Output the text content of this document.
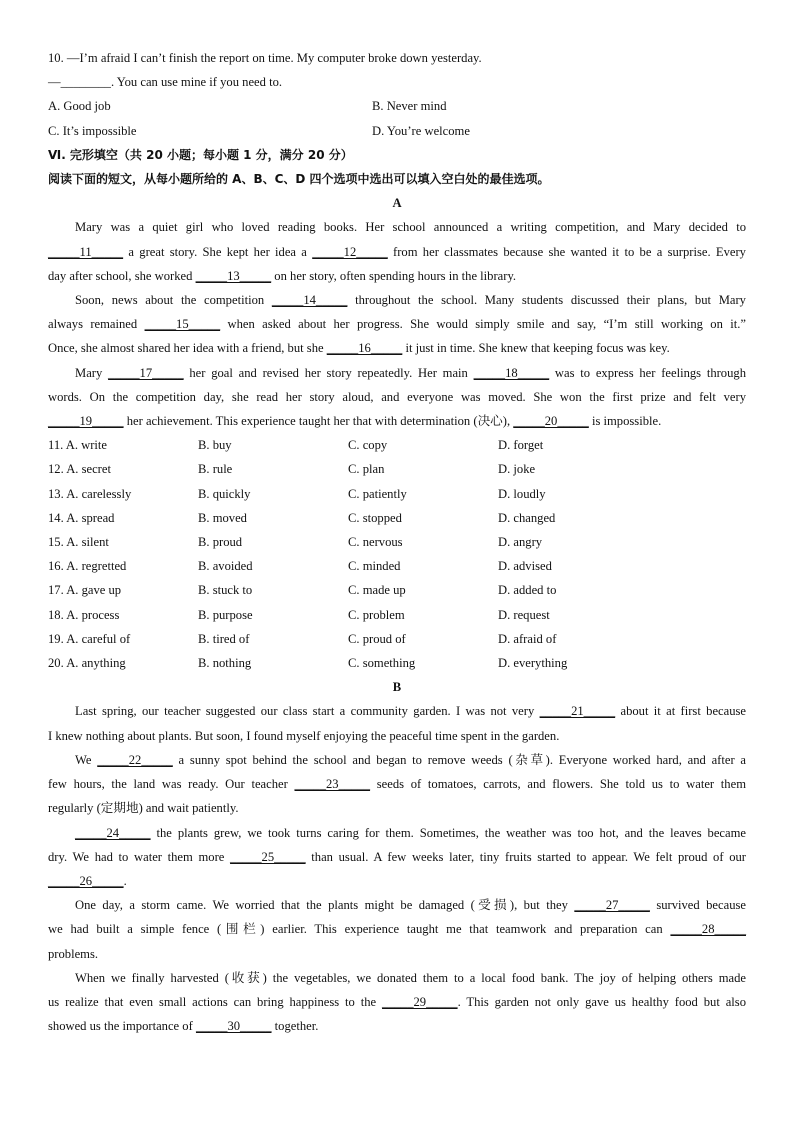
10. —I’m afraid I can’t finish the report on time. My computer broke down yesterday.
—________. You can use mine if you need to.
A. Good job	B. Never mind
C. It’s impossible	D. You’re welcome
Ⅵ. 完形填空（共 20 小题；每小题 1 分，满分 20 分）
阅读下面的短文，从每小题所给的 A、B、C、D 四个选项中选出可以填入空白处的最佳选项。
A
Mary was a quiet girl who loved reading books. Her school announced a writing competition, and Mary decided to
_____11_____ a great story. She kept her idea a _____12_____ from her classmates because she wanted it to be a surprise. Every
day after school, she worked _____13_____ on her story, often spending hours in the library.
Soon, news about the competition _____14_____ throughout the school. Many students discussed their plans, but Mary
always remained _____15_____ when asked about her progress. She would simply smile and say, “I’m still working on it.”
Once, she almost shared her idea with a friend, but she _____16_____ it just in time. She knew that keeping focus was key.
Mary _____17_____ her goal and revised her story repeatedly. Her main _____18_____ was to express her feelings through
words. On the competition day, she read her story aloud, and everyone was moved. She won the first prize and felt very
_____19_____ her achievement. This experience taught her that with determination (决心), _____20_____ is impossible.
11. A. write	B. buy	C. copy	D. forget
12. A. secret	B. rule	C. plan	D. joke
13. A. carelessly	B. quickly	C. patiently	D. loudly
14. A. spread	B. moved	C. stopped	D. changed
15. A. silent	B. proud	C. nervous	D. angry
16. A. regretted	B. avoided	C. minded	D. advised
17. A. gave up	B. stuck to	C. made up	D. added to
18. A. process	B. purpose	C. problem	D. request
19. A. careful of	B. tired of	C. proud of	D. afraid of
20. A. anything	B. nothing	C. something	D. everything
B
Last spring, our teacher suggested our class start a community garden. I was not very _____21_____ about it at first because
I knew nothing about plants. But soon, I found myself enjoying the peaceful time spent in the garden.
We _____22_____ a sunny spot behind the school and began to remove weeds (杂草). Everyone worked hard, and after a
few hours, the land was ready. Our teacher _____23_____ seeds of tomatoes, carrots, and flowers. She told us to water them
regularly (定期地) and wait patiently.
_____24_____ the plants grew, we took turns caring for them. Sometimes, the weather was too hot, and the leaves became
dry. We had to water them more _____25_____ than usual. A few weeks later, tiny fruits started to appear. We felt proud of our
_____26_____.
One day, a storm came. We worried that the plants might be damaged (受损), but they _____27_____ survived because
we had built a simple fence (围栏) earlier. This experience taught me that teamwork and preparation can _____28_____
problems.
When we finally harvested (收获) the vegetables, we donated them to a local food bank. The joy of helping others made
us realize that even small actions can bring happiness to the _____29_____. This garden not only gave us healthy food but also
showed us the importance of _____30_____ together.
